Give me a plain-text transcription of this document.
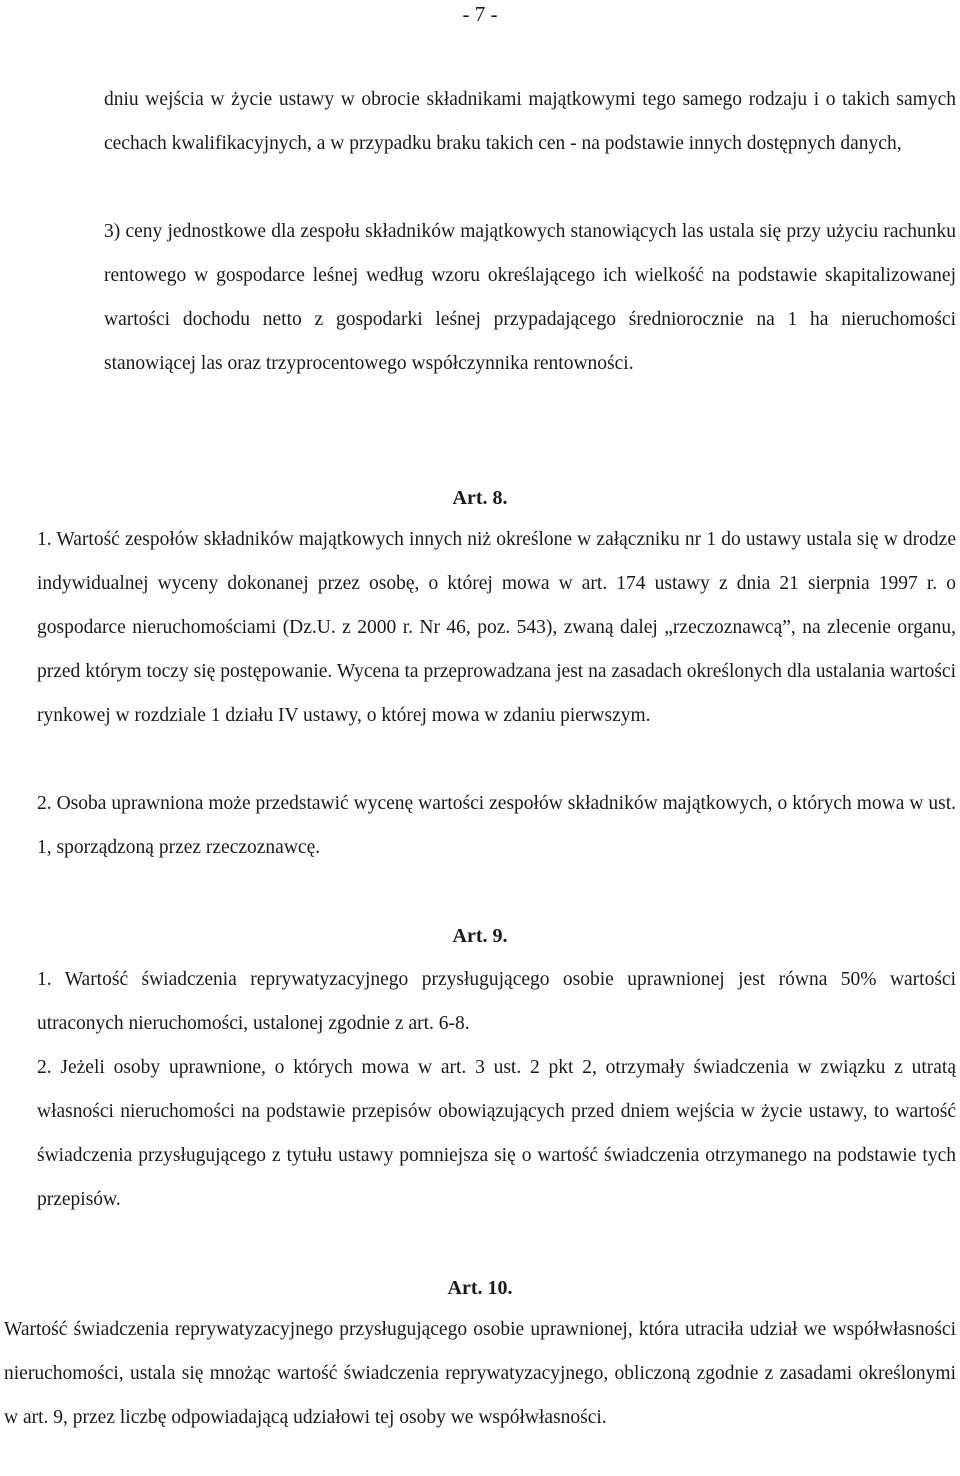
- 7 -

dniu wejścia w życie ustawy w obrocie składnikami majątkowymi tego samego rodzaju i o takich samych cechach kwalifikacyjnych, a w przypadku braku takich cen - na podstawie innych dostępnych danych,

3) ceny jednostkowe dla zespołu składników majątkowych stanowiących las ustala się przy użyciu rachunku rentowego w gospodarce leśnej według wzoru określającego ich wielkość na podstawie skapitalizowanej wartości dochodu netto z gospodarki leśnej przypadającego średniorocznie na 1 ha nieruchomości stanowiącej las oraz trzyprocentowego współczynnika rentowności.

Art. 8.

1. Wartość zespołów składników majątkowych innych niż określone w załączniku nr 1 do ustawy ustala się w drodze indywidualnej wyceny dokonanej przez osobę, o której mowa w art. 174 ustawy z dnia 21 sierpnia 1997 r. o gospodarce nieruchomościami (Dz.U. z 2000 r. Nr 46, poz. 543), zwaną dalej „rzeczoznawcą”, na zlecenie organu, przed którym toczy się postępowanie. Wycena ta przeprowadzana jest na zasadach określonych dla ustalania wartości rynkowej w rozdziale 1 działu IV ustawy, o której mowa w zdaniu pierwszym.

2. Osoba uprawniona może przedstawić wycenę wartości zespołów składników majątkowych, o których mowa w ust. 1, sporządzoną przez rzeczoznawcę.

Art. 9.

1. Wartość świadczenia reprywatyzacyjnego przysługującego osobie uprawnionej jest równa 50% wartości utraconych nieruchomości, ustalonej zgodnie z art. 6-8.

2. Jeżeli osoby uprawnione, o których mowa w art. 3 ust. 2 pkt 2, otrzymały świadczenia w związku z utratą własności nieruchomości na podstawie przepisów obowiązujących przed dniem wejścia w życie ustawy, to wartość świadczenia przysługującego z tytułu ustawy pomniejsza się o wartość świadczenia otrzymanego na podstawie tych przepisów.

Art. 10.

Wartość świadczenia reprywatyzacyjnego przysługującego osobie uprawnionej, która utraciła udział we współwłasności nieruchomości, ustala się mnożąc wartość świadczenia reprywatyzacyjnego, obliczoną zgodnie z zasadami określonymi w art. 9, przez liczbę odpowiadającą udziałowi tej osoby we współwłasności.
